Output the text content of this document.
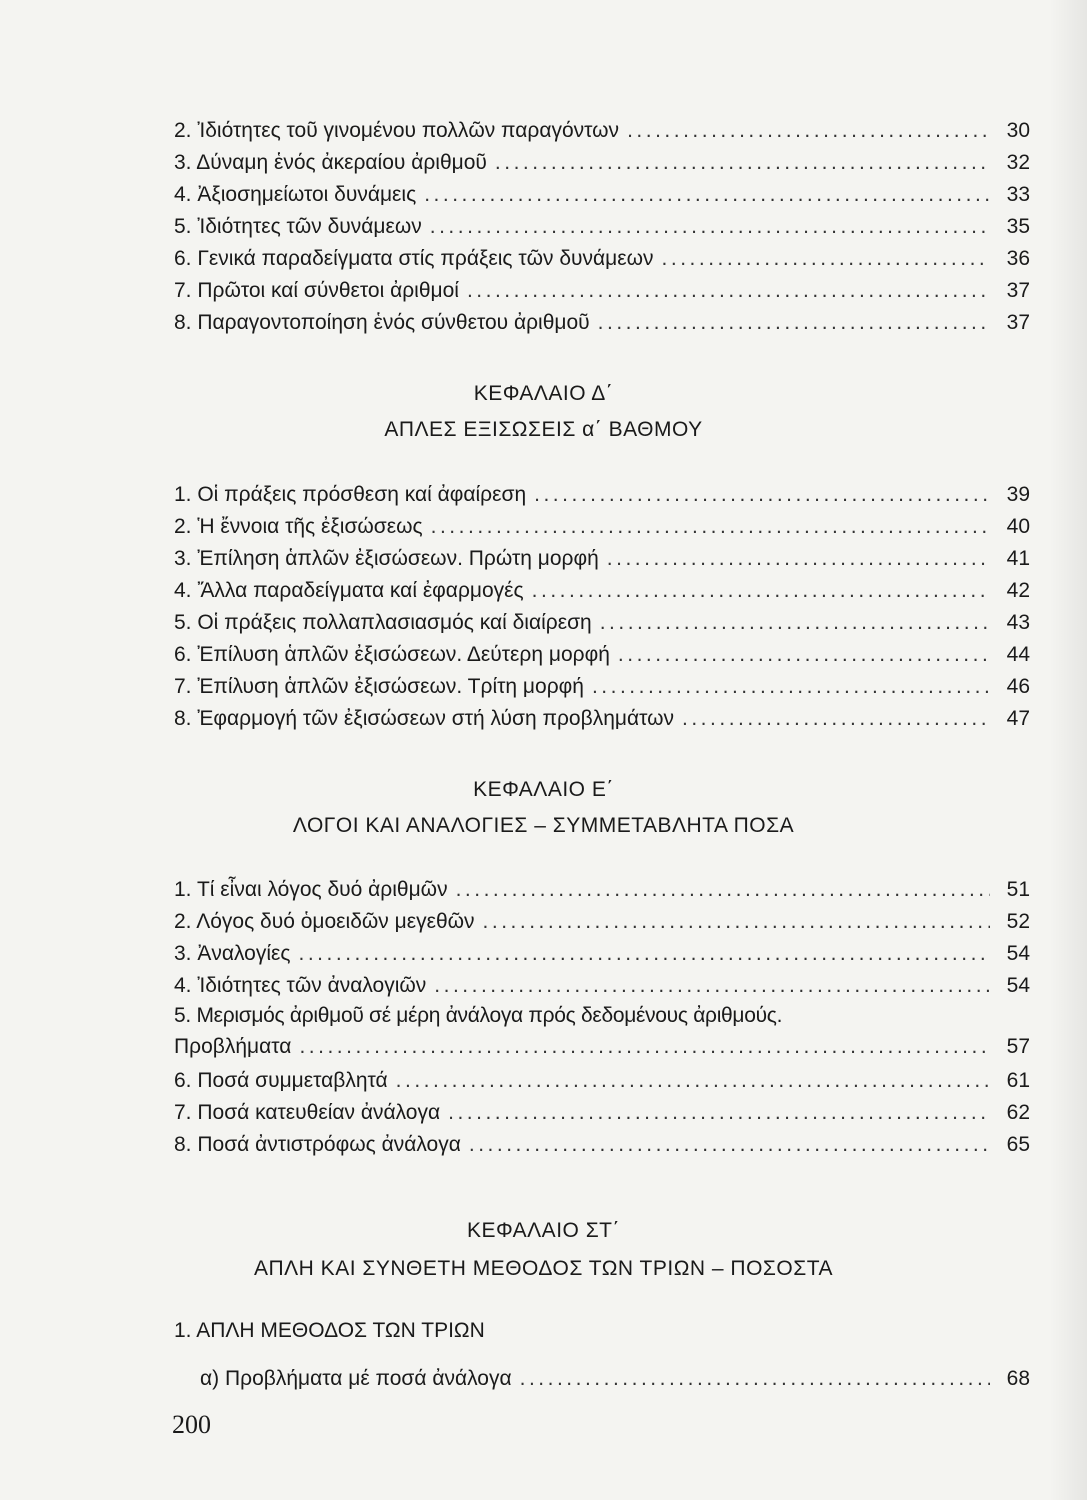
2. Ἰδιότητες τοῦ γινομένου πολλῶν παραγόντων .....	30
3. Δύναμη ἑνός ἀκεραίου ἀριθμοῦ .....	32
4. Ἀξιοσημείωτοι δυνάμεις .....	33
5. Ἰδιότητες τῶν δυνάμεων .....	35
6. Γενικά παραδείγματα στίς πράξεις τῶν δυνάμεων .....	36
7. Πρῶτοι καί σύνθετοι ἀριθμοί .....	37
8. Παραγοντοποίηση ἑνός σύνθετου ἀριθμοῦ .....	37
ΚΕΦΑΛΑΙΟ Δ΄
ΑΠΛΕΣ ΕΞΙΣΩΣΕΙΣ α΄ ΒΑΘΜΟΥ
1. Οἱ πράξεις πρόσθεση καί ἀφαίρεση .....	39
2. Ἡ ἔννοια τῆς ἐξισώσεως .....	40
3. Ἐπίληση ἁπλῶν ἐξισώσεων. Πρώτη μορφή .....	41
4. Ἄλλα παραδείγματα καί ἐφαρμογές .....	42
5. Οἱ πράξεις πολλαπλασιασμός καί διαίρεση .....	43
6. Ἐπίλυση ἁπλῶν ἐξισώσεων. Δεύτερη μορφή .....	44
7. Ἐπίλυση ἁπλῶν ἐξισώσεων. Τρίτη μορφή .....	46
8. Ἐφαρμογή τῶν ἐξισώσεων στή λύση προβλημάτων .....	47
ΚΕΦΑΛΑΙΟ Ε΄
ΛΟΓΟΙ ΚΑΙ ΑΝΑΛΟΓΙΕΣ – ΣΥΜΜΕΤΑΒΛΗΤΑ ΠΟΣΑ
1. Τί εἶναι λόγος δυό ἀριθμῶν .....	51
2. Λόγος δυό ὁμοειδῶν μεγεθῶν .....	52
3. Ἀναλογίες .....	54
4. Ἰδιότητες τῶν ἀναλογιῶν .....	54
5. Μερισμός ἀριθμοῦ σέ μέρη ἀνάλογα πρός δεδομένους ἀριθμούς.
Προβλήματα .....	57
6. Ποσά συμμεταβλητά .....	61
7. Ποσά κατευθείαν ἀνάλογα .....	62
8. Ποσά ἀντιστρόφως ἀνάλογα .....	65
ΚΕΦΑΛΑΙΟ ΣΤ΄
ΑΠΛΗ ΚΑΙ ΣΥΝΘΕΤΗ ΜΕΘΟΔΟΣ ΤΩΝ ΤΡΙΩΝ – ΠΟΣΟΣΤΑ
1. ΑΠΛΗ ΜΕΘΟΔΟΣ ΤΩΝ ΤΡΙΩΝ
α) Προβλήματα μέ ποσά ἀνάλογα .....	68
200
